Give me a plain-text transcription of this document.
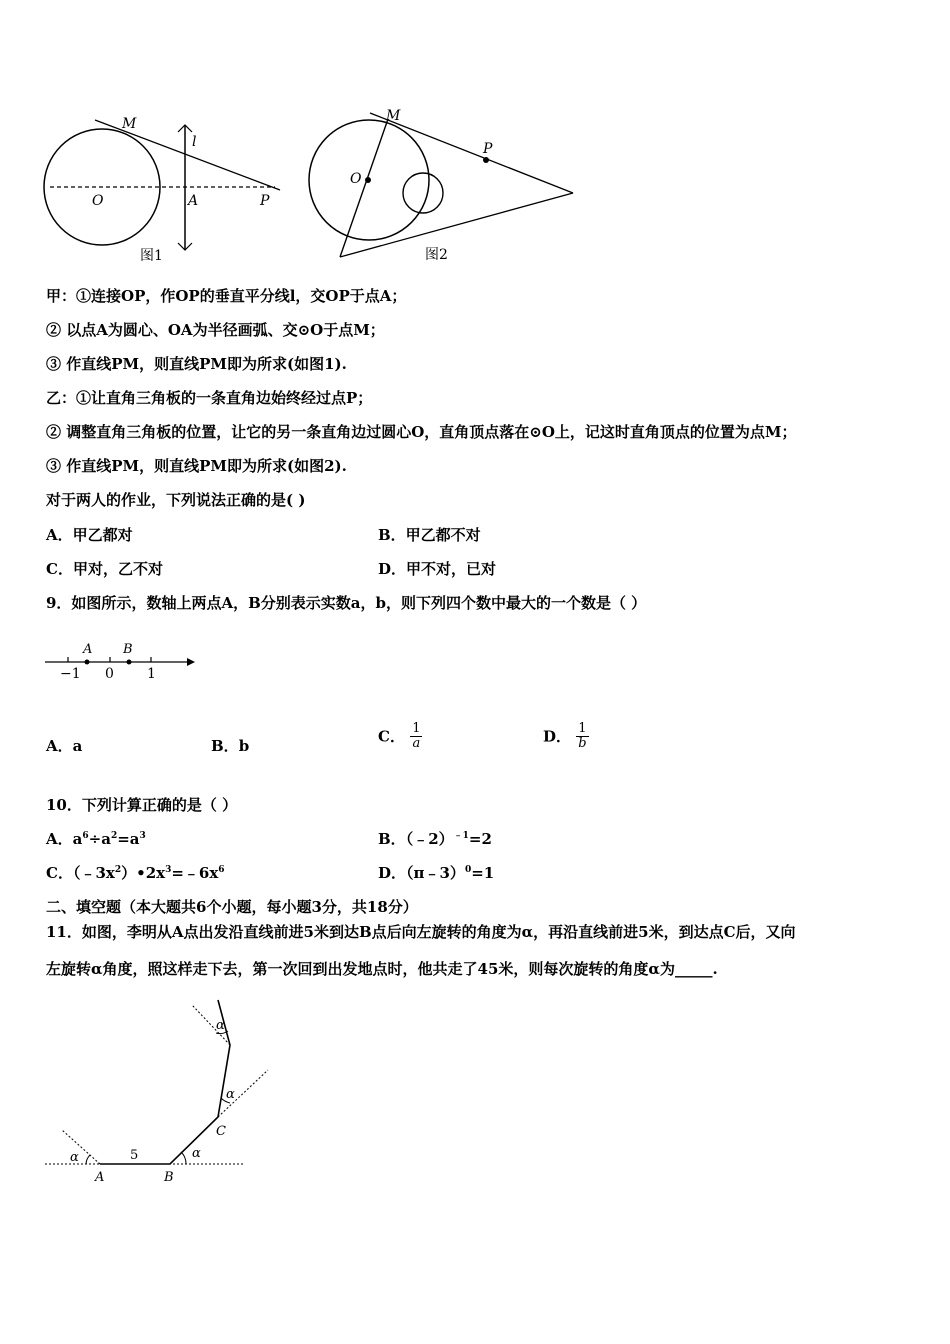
M
l
O	A	P
图1
M
P
O
图2
甲：①连接OP，作OP的垂直平分线l，交OP于点A；
② 以点A为圆心、OA为半径画弧、交⊙O于点M；
③ 作直线PM，则直线PM即为所求(如图1).
乙：①让直角三角板的一条直角边始终经过点P；
② 调整直角三角板的位置，让它的另一条直角边过圆心O，直角顶点落在⊙O上，记这时直角顶点的位置为点M；
③ 作直线PM，则直线PM即为所求(如图2).
对于两人的作业，下列说法正确的是( )
A．甲乙都对	B．甲乙都不对
C．甲对，乙不对	D．甲不对，已对
9．如图所示，数轴上两点A，B分别表示实数a，b，则下列四个数中最大的一个数是（ ）
A B
−1 0 1
A．a	B．b
C． $\frac{1}{a}$	D． $\frac{1}{b}$
10．下列计算正确的是（ ）
A．$a^6\div a^2=a^3$	B．（﹣2）$^{﹣1}$=2
C．$(﹣3x^2)•2x^3=﹣6x^6$	D．（π﹣3）$^0$=1
二、填空题（本大题共6个小题，每小题3分，共18分）
11．如图，李明从A点出发沿直线前进5米到达B点后向左旋转的角度为α，再沿直线前进5米，到达点C后，又向
左旋转α角度，照这样走下去，第一次回到出发地点时，他共走了45米，则每次旋转的角度α为_____.
α	α
α
α
5
A	B
C
